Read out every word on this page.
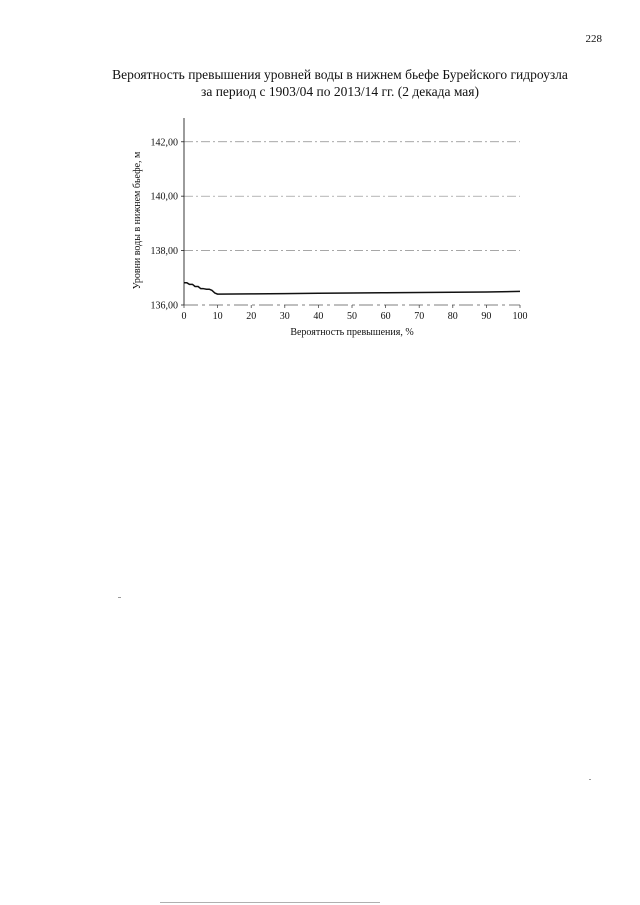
228
Вероятность превышения уровней воды в нижнем бьефе Бурейского гидроузла
за период с 1903/04 по 2013/14 гг. (2 декада мая)
136,00
138,00
140,00
142,00
0	10 20 30 40 50 60 70 80 90 100
Вероятность превышения, %
Уровни воды в нижнем бьефе, м
